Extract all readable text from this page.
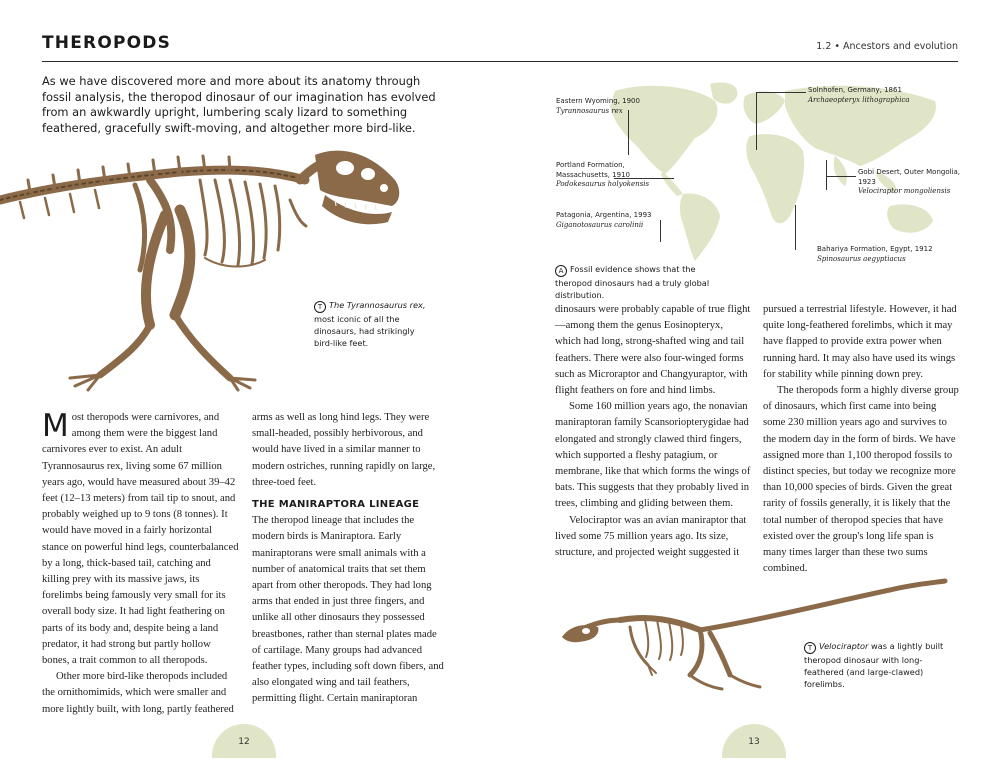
THEROPODS	1.2 • Ancestors and evolution
As we have discovered more and more about its anatomy through fossil analysis, the theropod dinosaur of our imagination has evolved from an awkwardly upright, lumbering scaly lizard to something feathered, gracefully swift-moving, and altogether more bird-like.
T The Tyrannosaurus rex, most iconic of all the dinosaurs, had strikingly bird-like feet.

Most theropods were carnivores, and among them were the biggest land carnivores ever to exist. An adult Tyrannosaurus rex, living some 67 million years ago, would have measured about 39–42 feet (12–13 meters) from tail tip to snout, and probably weighed up to 9 tons (8 tonnes). It would have moved in a fairly horizontal stance on powerful hind legs, counterbalanced by a long, thick-based tail, catching and killing prey with its massive jaws, its forelimbs being famously very small for its overall body size. It had light feathering on parts of its body and, despite being a land predator, it had strong but partly hollow bones, a trait common to all theropods.

Other more bird-like theropods included the ornithomimids, which were smaller and more lightly built, with long, partly feathered

arms as well as long hind legs. They were small-headed, possibly herbivorous, and would have lived in a similar manner to modern ostriches, running rapidly on large, three-toed feet.

THE MANIRAPTORA LINEAGE

The theropod lineage that includes the modern birds is Maniraptora. Early maniraptorans were small animals with a number of anatomical traits that set them apart from other theropods. They had long arms that ended in just three fingers, and unlike all other dinosaurs they possessed breastbones, rather than sternal plates made of cartilage. Many groups had advanced feather types, including soft down fibers, and also elongated wing and tail feathers, permitting flight. Certain maniraptoran

12
Eastern Wyoming, 1900
Tyrannosaurus rex
Portland Formation, Massachusetts, 1910
Podokesaurus holyokensis
Patagonia, Argentina, 1993
Giganotosaurus carolinii
Solnhofen, Germany, 1861
Archaeopteryx lithographica
Gobi Desert, Outer Mongolia, 1923
Velociraptor mongoliensis
Bahariya Formation, Egypt, 1912
Spinosaurus aegyptiacus
A Fossil evidence shows that the theropod dinosaurs had a truly global distribution.

dinosaurs were probably capable of true flight—among them the genus Eosinopteryx, which had long, strong-shafted wing and tail feathers. There were also four-winged forms such as Microraptor and Changyuraptor, with flight feathers on fore and hind limbs.

Some 160 million years ago, the nonavian maniraptoran family Scansoriopterygidae had elongated and strongly clawed third fingers, which supported a fleshy patagium, or membrane, like that which forms the wings of bats. This suggests that they probably lived in trees, climbing and gliding between them.

Velociraptor was an avian maniraptor that lived some 75 million years ago. Its size, structure, and projected weight suggested it

pursued a terrestrial lifestyle. However, it had quite long-feathered forelimbs, which it may have flapped to provide extra power when running hard. It may also have used its wings for stability while pinning down prey.

The theropods form a highly diverse group of dinosaurs, which first came into being some 230 million years ago and survives to the modern day in the form of birds. We have assigned more than 1,100 theropod fossils to distinct species, but today we recognize more than 10,000 species of birds. Given the great rarity of fossils generally, it is likely that the total number of theropod species that have existed over the group's long life span is many times larger than these two sums combined.

T Velociraptor was a lightly built theropod dinosaur with long-feathered (and large-clawed) forelimbs.
13
